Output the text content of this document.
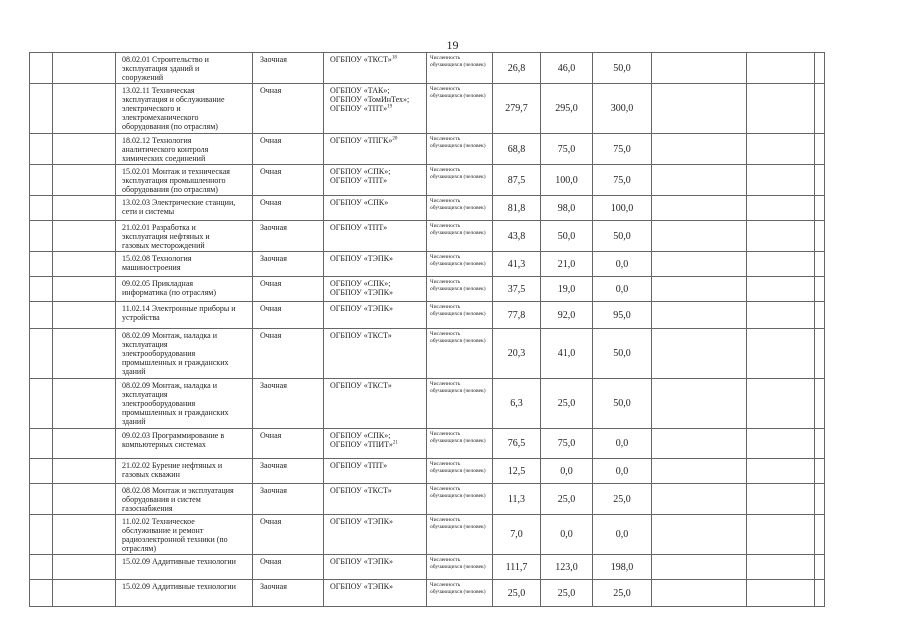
19

		08.02.01 Строительство и
эксплуатация зданий и
сооружений	Заочная	ОГБПОУ «ТКСТ»$^{18}$	Численность обучающихся (человек)	26,8	46,0	50,0			

		13.02.11 Техническая
эксплуатация и обслуживание
электрического и
электромеханического
оборудования (по отраслям)	Очная	ОГБПОУ «ТАК»;
ОГБПОУ «ТомИнТех»;
ОГБПОУ «ТПТ»$^{19}$	Численность обучающихся (человек)	279,7	295,0	300,0			

		18.02.12 Технология
аналитического контроля
химических соединений	Очная	ОГБПОУ «ТПГК»$^{20}$	Численность обучающихся (человек)	68,8	75,0	75,0			

		15.02.01 Монтаж и техническая
эксплуатация промышленного
оборудования (по отраслям)	Очная	ОГБПОУ «СПК»;
ОГБПОУ «ТПТ»	Численность обучающихся (человек)	87,5	100,0	75,0			

		13.02.03 Электрические станции,
сети и системы	Очная	ОГБПОУ «СПК»	Численность обучающихся (человек)	81,8	98,0	100,0			

		21.02.01 Разработка и
эксплуатация нефтяных и
газовых месторождений	Заочная	ОГБПОУ «ТПТ»	Численность обучающихся (человек)	43,8	50,0	50,0			

		15.02.08 Технология
машиностроения	Заочная	ОГБПОУ «ТЭПК»	Численность обучающихся (человек)	41,3	21,0	0,0			

		09.02.05 Прикладная
информатика (по отраслям)	Очная	ОГБПОУ «СПК»;
ОГБПОУ «ТЭПК»	Численность обучающихся (человек)	37,5	19,0	0,0			

		11.02.14 Электронные приборы и
устройства	Очная	ОГБПОУ «ТЭПК»	Численность обучающихся (человек)	77,8	92,0	95,0			

		08.02.09 Монтаж, наладка и
эксплуатация
электрооборудования
промышленных и гражданских
зданий	Очная	ОГБПОУ «ТКСТ»	Численность обучающихся (человек)	20,3	41,0	50,0			

		08.02.09 Монтаж, наладка и
эксплуатация
электрооборудования
промышленных и гражданских
зданий	Заочная	ОГБПОУ «ТКСТ»	Численность обучающихся (человек)	6,3	25,0	50,0			

		09.02.03 Программирование в
компьютерных системах	Очная	ОГБПОУ «СПК»;
ОГБПОУ «ТПИТ»$^{21}$	Численность обучающихся (человек)	76,5	75,0	0,0			

		21.02.02 Бурение нефтяных и
газовых скважин	Заочная	ОГБПОУ «ТПТ»	Численность обучающихся (человек)	12,5	0,0	0,0			

		08.02.08 Монтаж и эксплуатация
оборудования и систем
газоснабжения	Заочная	ОГБПОУ «ТКСТ»	Численность обучающихся (человек)	11,3	25,0	25,0			

		11.02.02 Техническое
обслуживание и ремонт
радиоэлектронной техники (по
отраслям)	Очная	ОГБПОУ «ТЭПК»	Численность обучающихся (человек)	7,0	0,0	0,0			

		15.02.09 Аддитивные технологии	Очная	ОГБПОУ «ТЭПК»	Численность обучающихся (человек)	111,7	123,0	198,0			

		15.02.09 Аддитивные технологии	Заочная	ОГБПОУ «ТЭПК»	Численность обучающихся (человек)	25,0	25,0	25,0			
